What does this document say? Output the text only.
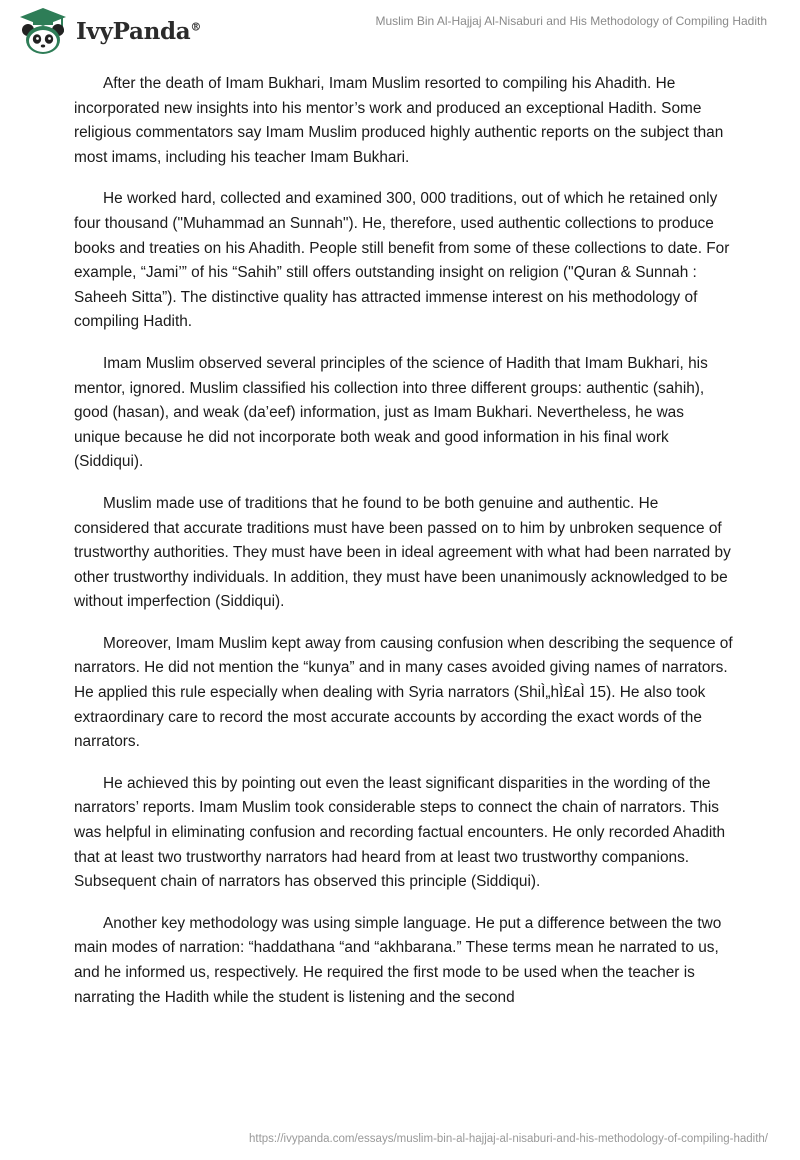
IvyPanda®	Muslim Bin Al-Hajjaj Al-Nisaburi and His Methodology of Compiling Hadith

After the death of Imam Bukhari, Imam Muslim resorted to compiling his Ahadith. He incorporated new insights into his mentor’s work and produced an exceptional Hadith. Some religious commentators say Imam Muslim produced highly authentic reports on the subject than most imams, including his teacher Imam Bukhari.

He worked hard, collected and examined 300, 000 traditions, out of which he retained only four thousand ("Muhammad an Sunnah"). He, therefore, used authentic collections to produce books and treaties on his Ahadith. People still benefit from some of these collections to date. For example, “Jami’” of his “Sahih” still offers outstanding insight on religion ("Quran & Sunnah : Saheeh Sitta”). The distinctive quality has attracted immense interest on his methodology of compiling Hadith.

Imam Muslim observed several principles of the science of Hadith that Imam Bukhari, his mentor, ignored. Muslim classified his collection into three different groups: authentic (sahih), good (hasan), and weak (da’eef) information, just as Imam Bukhari. Nevertheless, he was unique because he did not incorporate both weak and good information in his final work (Siddiqui).

Muslim made use of traditions that he found to be both genuine and authentic. He considered that accurate traditions must have been passed on to him by unbroken sequence of trustworthy authorities. They must have been in ideal agreement with what had been narrated by other trustworthy individuals. In addition, they must have been unanimously acknowledged to be without imperfection (Siddiqui).

Moreover, Imam Muslim kept away from causing confusion when describing the sequence of narrators. He did not mention the “kunya” and in many cases avoided giving names of narrators. He applied this rule especially when dealing with Syria narrators (ShiÌ„hÌ£aÌ 15). He also took extraordinary care to record the most accurate accounts by according the exact words of the narrators.

He achieved this by pointing out even the least significant disparities in the wording of the narrators’ reports. Imam Muslim took considerable steps to connect the chain of narrators. This was helpful in eliminating confusion and recording factual encounters. He only recorded Ahadith that at least two trustworthy narrators had heard from at least two trustworthy companions. Subsequent chain of narrators has observed this principle (Siddiqui).

Another key methodology was using simple language. He put a difference between the two main modes of narration: “haddathana “and “akhbarana.” These terms mean he narrated to us, and he informed us, respectively. He required the first mode to be used when the teacher is narrating the Hadith while the student is listening and the second

https://ivypanda.com/essays/muslim-bin-al-hajjaj-al-nisaburi-and-his-methodology-of-compiling-hadith/
